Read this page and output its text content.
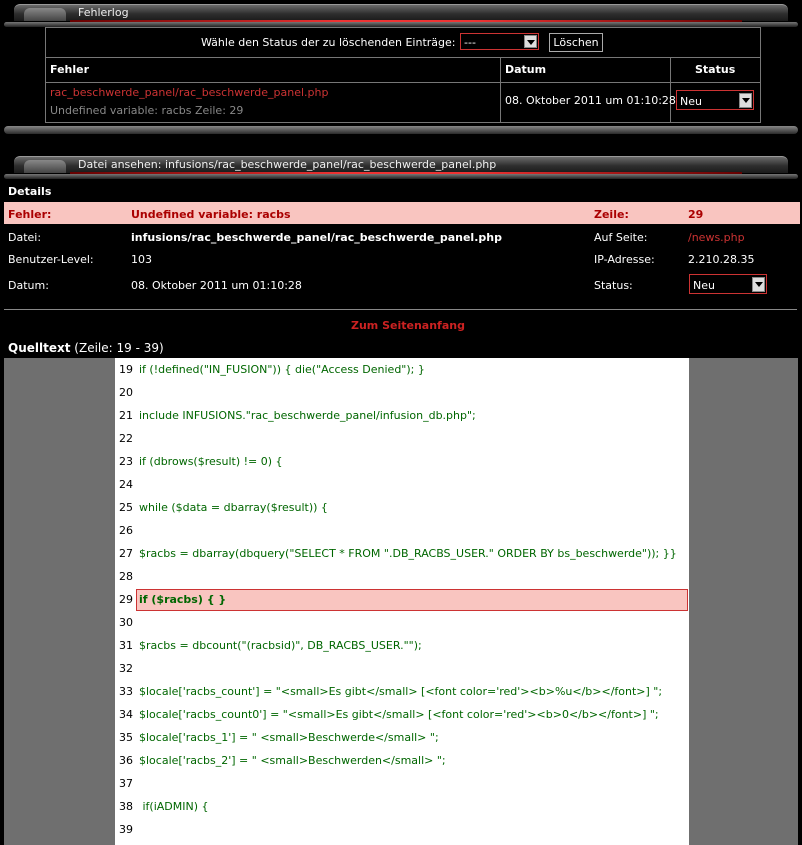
Fehlerlog
Wähle den Status der zu löschenden Einträge: ---	Löschen
Fehler	Datum	Status
rac_beschwerde_panel/rac_beschwerde_panel.php
Undefined variable: racbs Zeile: 29
08. Oktober 2011 um 01:10:28 Neu
Datei ansehen: infusions/rac_beschwerde_panel/rac_beschwerde_panel.php
Details
Fehler:	Undefined variable: racbs	Zeile:	29
Datei:	infusions/rac_beschwerde_panel/rac_beschwerde_panel.php	Auf Seite:	/news.php
Benutzer-Level:	103	IP-Adresse:	2.210.28.35
Datum:	08. Oktober 2011 um 01:10:28	Status:	Neu
Zum Seitenanfang
Quelltext (Zeile: 19 - 39)
19 if (!defined("IN_FUSION")) { die("Access Denied"); }
20
21 include INFUSIONS."rac_beschwerde_panel/infusion_db.php";
22
23 if (dbrows($result) != 0) {
24
25 while ($data = dbarray($result)) {
26
27 $racbs = dbarray(dbquery("SELECT * FROM ".DB_RACBS_USER." ORDER BY bs_beschwerde")); }}
28
29 if ($racbs) { }
30
31 $racbs = dbcount("(racbsid)", DB_RACBS_USER."");
32
33 $locale['racbs_count'] = "<small>Es gibt</small> [<font color='red'><b>%u</b></font>] ";
34 $locale['racbs_count0'] = "<small>Es gibt</small> [<font color='red'><b>0</b></font>] ";
35 $locale['racbs_1'] = " <small>Beschwerde</small> ";
36 $locale['racbs_2'] = " <small>Beschwerden</small> ";
37
38 if(iADMIN) {
39
